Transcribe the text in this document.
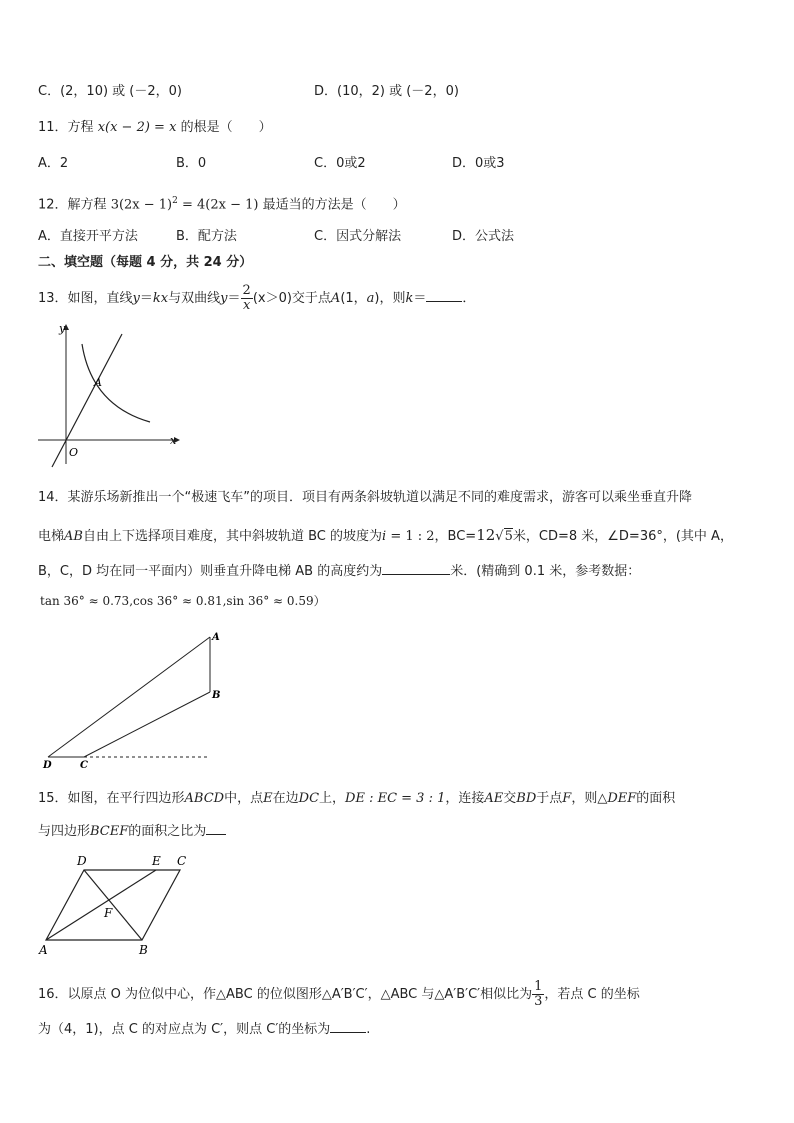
C．(2，10) 或 (－2，0)	D．(10，2) 或 (－2，0)
11．方程 x(x − 2) = x 的根是（　　）
A．2	B．0	C．0或2	D．0或3
12．解方程 $3(2x - 1)^2 = 4(2x - 1)$ 最适当的方法是（　　）
A．直接开平方法	B．配方法	C．因式分解法	D．公式法
二、填空题（每题 4 分，共 24 分）
13．如图，直线y＝kx与双曲线$y= \frac{2}{x} (x>0)$交于点A(1，a)，则k＝	．
y
x
O
A
14．某游乐场新推出一个“极速飞车”的项目．项目有两条斜坡轨道以满足不同的难度需求，游客可以乘坐垂直升降
电梯AB自由上下选择项目难度，其中斜坡轨道 BC 的坡度为i = 1 : 2，BC=12√5米，CD=8 米，∠D=36°，(其中 A，
B，C，D 均在同一平面内）则垂直升降电梯 AB 的高度约为	米．(精确到 0.1 米，参考数据：
tan 36° ≈ 0.73,cos 36° ≈ 0.81,sin 36° ≈ 0.59）
A
B
C
D
15．如图，在平行四边形ABCD中，点E在边DC上，DE : EC = 3 : 1，连接AE交BD于点F，则△DEF的面积
与四边形BCEF的面积之比为
A	B
C
D	E
F
16．以原点 O 为位似中心，作△ABC 的位似图形△A′B′C′，△ABC 与△A′B′C′相似比为 $\frac{1}{3}$ ，若点 C 的坐标
为（4，1)，点 C 的对应点为 C′，则点 C′的坐标为	.
